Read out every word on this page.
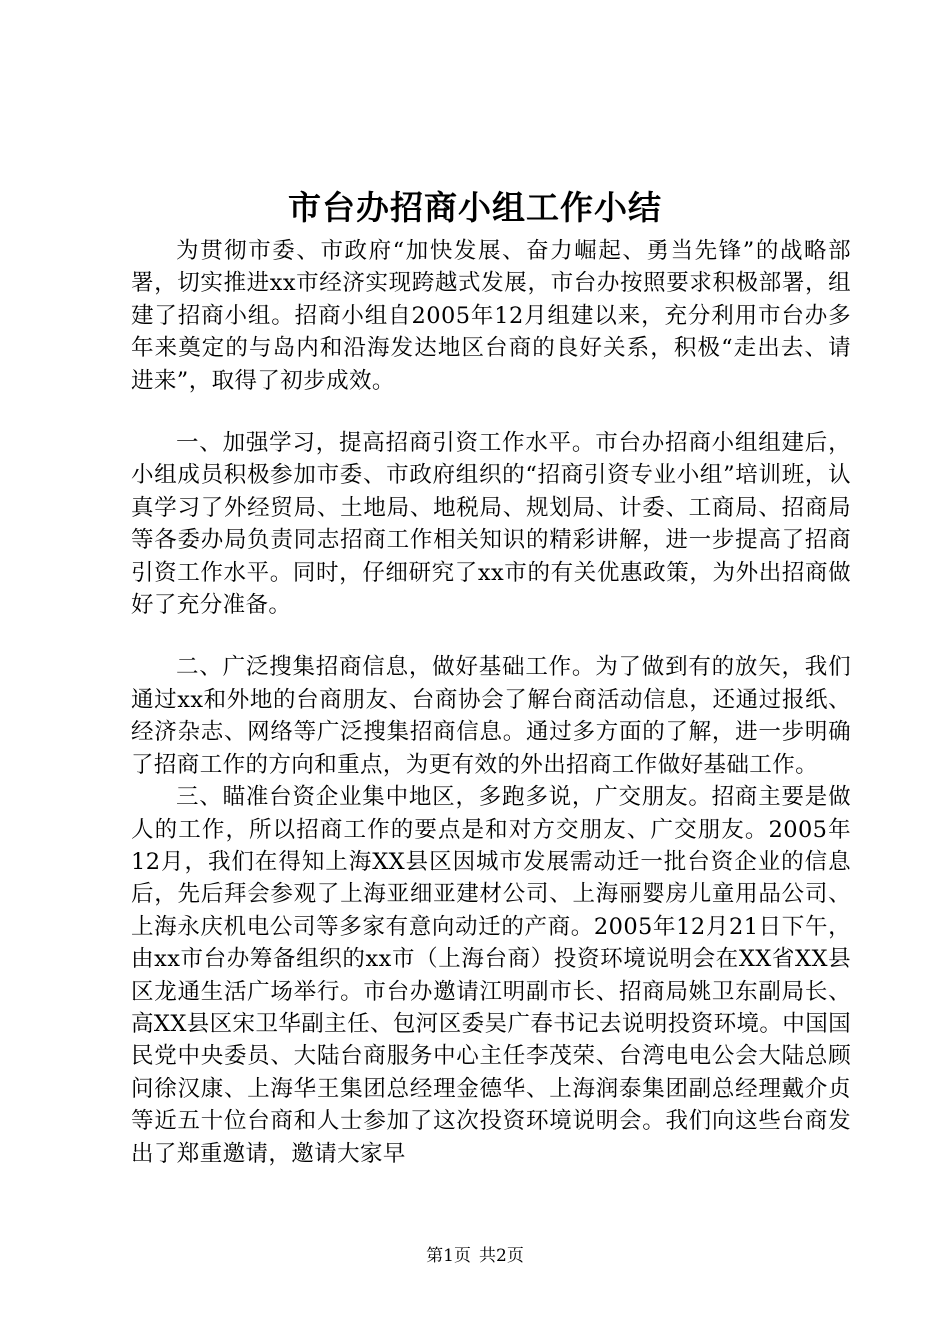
市台办招商小组工作小结

为贯彻市委、市政府“加快发展、奋力崛起、勇当先锋”的战略部署，切实推进xx市经济实现跨越式发展，市台办按照要求积极部署，组建了招商小组。招商小组自2005年12月组建以来，充分利用市台办多年来奠定的与岛内和沿海发达地区台商的良好关系，积极“走出去、请进来”，取得了初步成效。

一、加强学习，提高招商引资工作水平。市台办招商小组组建后，小组成员积极参加市委、市政府组织的“招商引资专业小组”培训班，认真学习了外经贸局、土地局、地税局、规划局、计委、工商局、招商局等各委办局负责同志招商工作相关知识的精彩讲解，进一步提高了招商引资工作水平。同时，仔细研究了xx市的有关优惠政策，为外出招商做好了充分准备。

二、广泛搜集招商信息，做好基础工作。为了做到有的放矢，我们通过xx和外地的台商朋友、台商协会了解台商活动信息，还通过报纸、经济杂志、网络等广泛搜集招商信息。通过多方面的了解，进一步明确了招商工作的方向和重点，为更有效的外出招商工作做好基础工作。

三、瞄准台资企业集中地区，多跑多说，广交朋友。招商主要是做人的工作，所以招商工作的要点是和对方交朋友、广交朋友。2005年12月，我们在得知上海XX县区因城市发展需动迁一批台资企业的信息后，先后拜会参观了上海亚细亚建材公司、上海丽婴房儿童用品公司、上海永庆机电公司等多家有意向动迁的产商。2005年12月21日下午，由xx市台办筹备组织的xx市（上海台商）投资环境说明会在XX省XX县区龙通生活广场举行。市台办邀请江明副市长、招商局姚卫东副局长、高XX县区宋卫华副主任、包河区委吴广春书记去说明投资环境。中国国民党中央委员、大陆台商服务中心主任李茂荣、台湾电电公会大陆总顾问徐汉康、上海华王集团总经理金德华、上海润泰集团副总经理戴介贞等近五十位台商和人士参加了这次投资环境说明会。我们向这些台商发出了郑重邀请，邀请大家早

第1页 共2页
